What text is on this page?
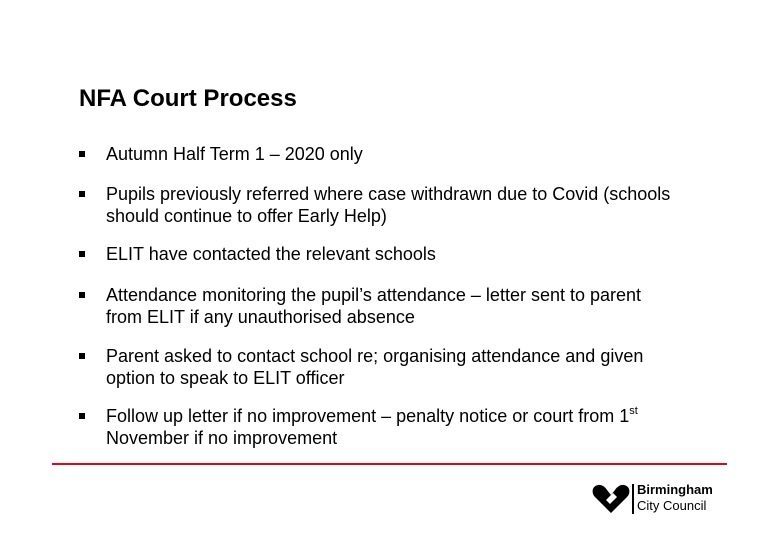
NFA Court Process
Autumn Half Term 1 – 2020 only
Pupils previously referred where case withdrawn due to Covid (schools should continue to offer Early Help)
ELIT have contacted the relevant schools
Attendance monitoring the pupil’s attendance – letter sent to parent from ELIT if any unauthorised absence
Parent asked to contact school re; organising attendance and given option to speak to ELIT officer
Follow up letter if no improvement – penalty notice or court from 1st November if no improvement
Birmingham
City Council
